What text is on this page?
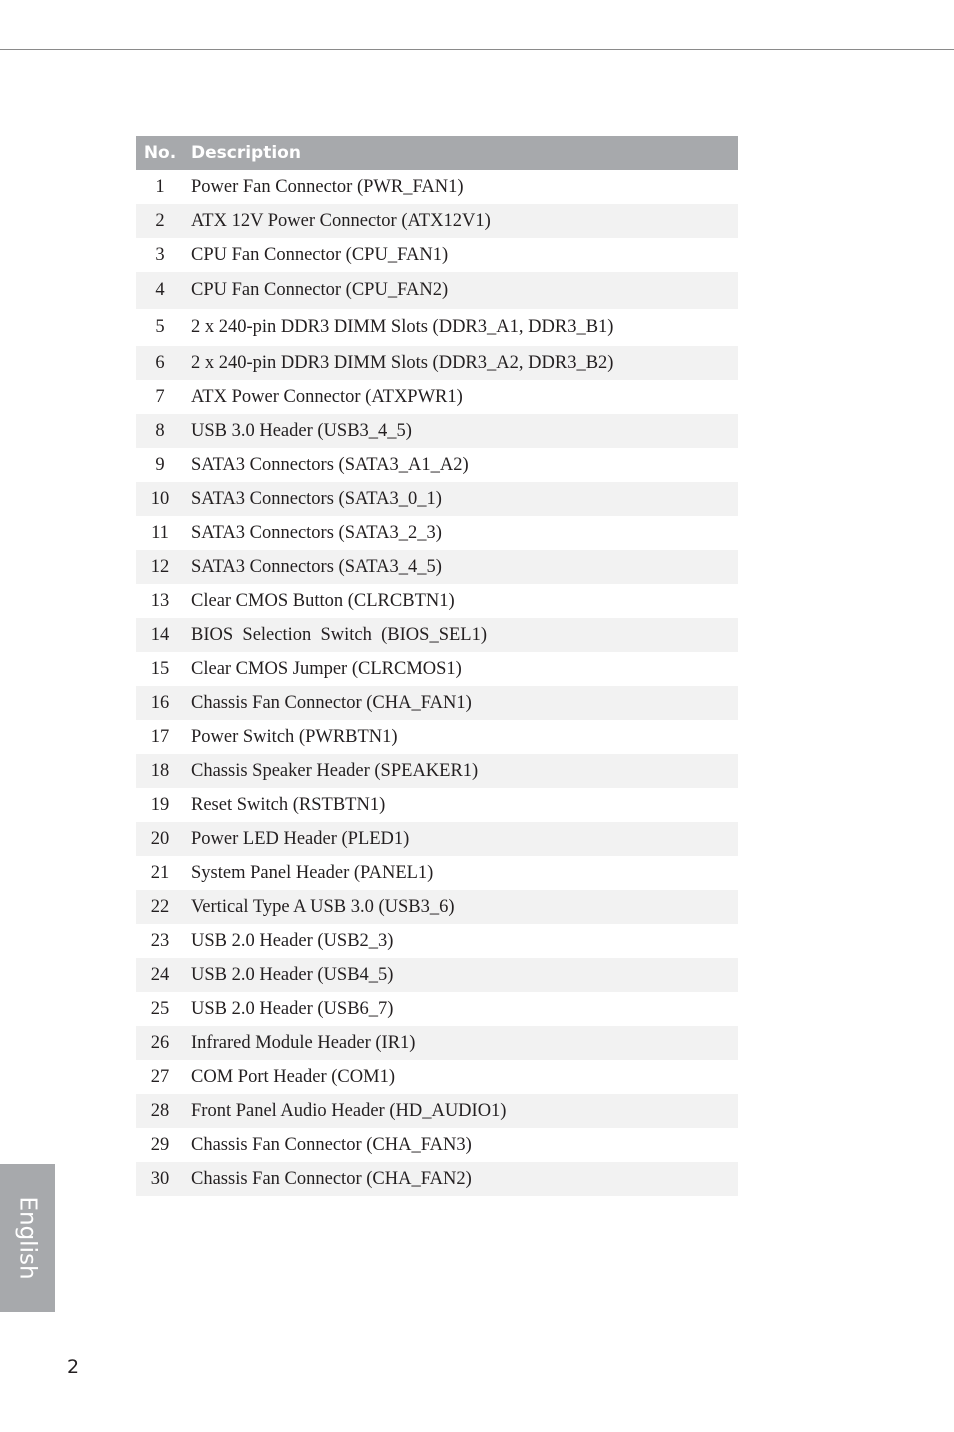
No. Description
1	Power Fan Connector (PWR_FAN1)
2	ATX 12V Power Connector (ATX12V1)
3	CPU Fan Connector (CPU_FAN1)
4	CPU Fan Connector (CPU_FAN2)
5	2 x 240-pin DDR3 DIMM Slots (DDR3_A1, DDR3_B1)
6	2 x 240-pin DDR3 DIMM Slots (DDR3_A2, DDR3_B2)
7	ATX Power Connector (ATXPWR1)
8	USB 3.0 Header (USB3_4_5)
9	SATA3 Connectors (SATA3_A1_A2)
10	SATA3 Connectors (SATA3_0_1)
11	SATA3 Connectors (SATA3_2_3)
12	SATA3 Connectors (SATA3_4_5)
13	Clear CMOS Button (CLRCBTN1)
14	BIOS  Selection  Switch  (BIOS_SEL1)
15	Clear CMOS Jumper (CLRCMOS1)
16	Chassis Fan Connector (CHA_FAN1)
17	Power Switch (PWRBTN1)
18	Chassis Speaker Header (SPEAKER1)
19	Reset Switch (RSTBTN1)
20	Power LED Header (PLED1)
21	System Panel Header (PANEL1)
22	Vertical Type A USB 3.0 (USB3_6)
23	USB 2.0 Header (USB2_3)
24	USB 2.0 Header (USB4_5)
25	USB 2.0 Header (USB6_7)
26	Infrared Module Header (IR1)
27	COM Port Header (COM1)
28	Front Panel Audio Header (HD_AUDIO1)
29	Chassis Fan Connector (CHA_FAN3)
30	Chassis Fan Connector (CHA_FAN2)
English
2
